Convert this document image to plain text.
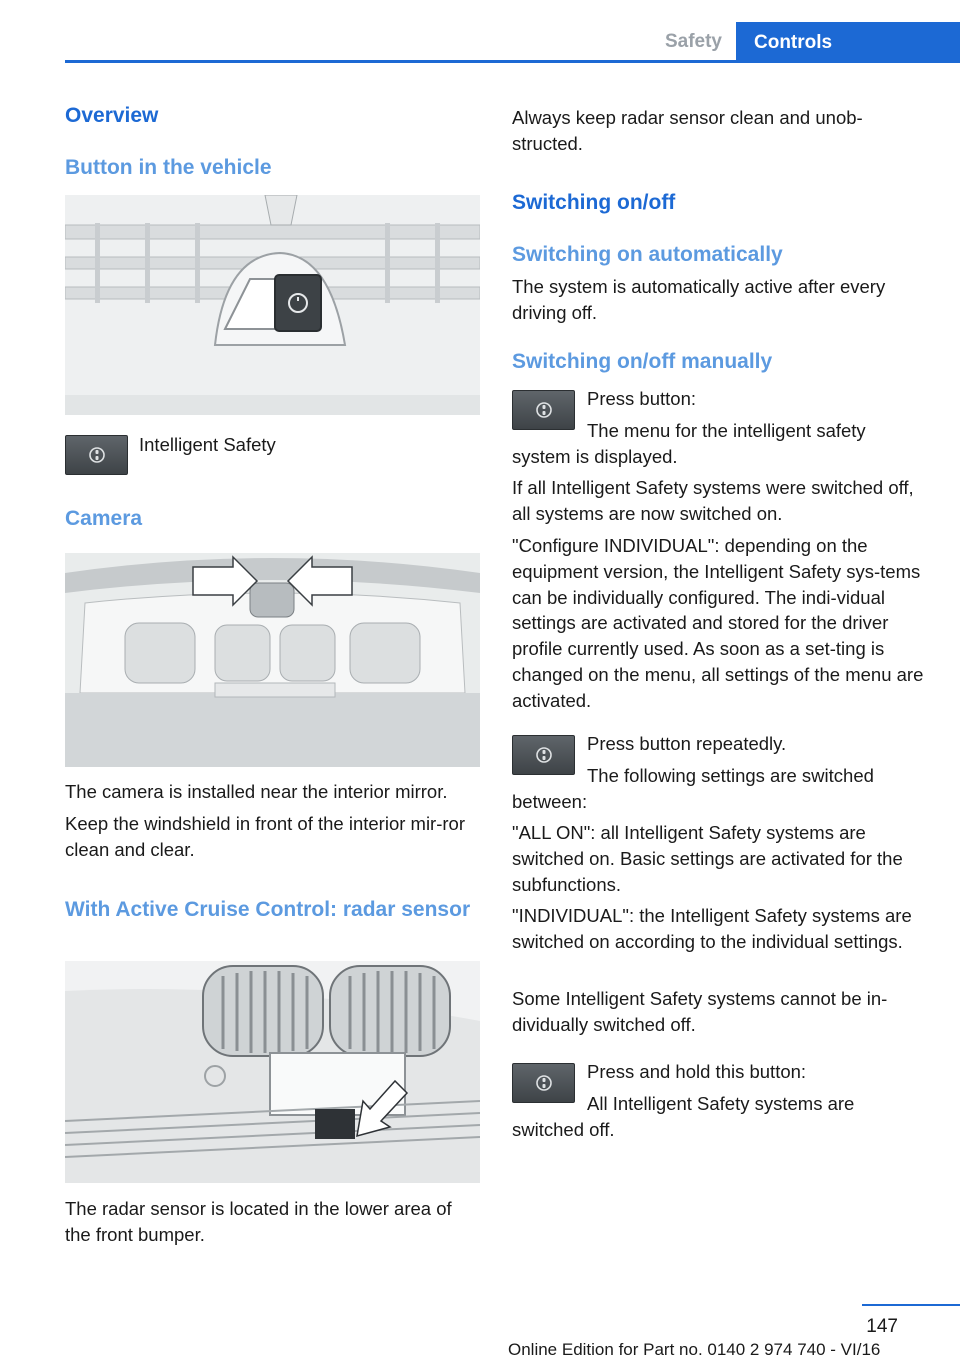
Safety	Controls
Overview
Button in the vehicle
Intelligent Safety
Camera
The camera is installed near the interior mirror.
Keep the windshield in front of the interior mir-ror clean and clear.
With Active Cruise Control: radar sensor
The radar sensor is located in the lower area of the front bumper.
Always keep radar sensor clean and unob-structed.
Switching on/off
Switching on automatically
The system is automatically active after every driving off.
Switching on/off manually
Press button:
The menu for the intelligent safety system is displayed.
If all Intelligent Safety systems were switched off, all systems are now switched on.
"Configure INDIVIDUAL": depending on the equipment version, the Intelligent Safety sys-tems can be individually configured. The indi-vidual settings are activated and stored for the driver profile currently used. As soon as a set-ting is changed on the menu, all settings of the menu are activated.
Press button repeatedly.
The following settings are switched between:
"ALL ON": all Intelligent Safety systems are switched on. Basic settings are activated for the subfunctions.
"INDIVIDUAL": the Intelligent Safety systems are switched on according to the individual settings.
Some Intelligent Safety systems cannot be in-dividually switched off.
Press and hold this button:
All Intelligent Safety systems are switched off.
147
Online Edition for Part no. 0140 2 974 740 - VI/16
